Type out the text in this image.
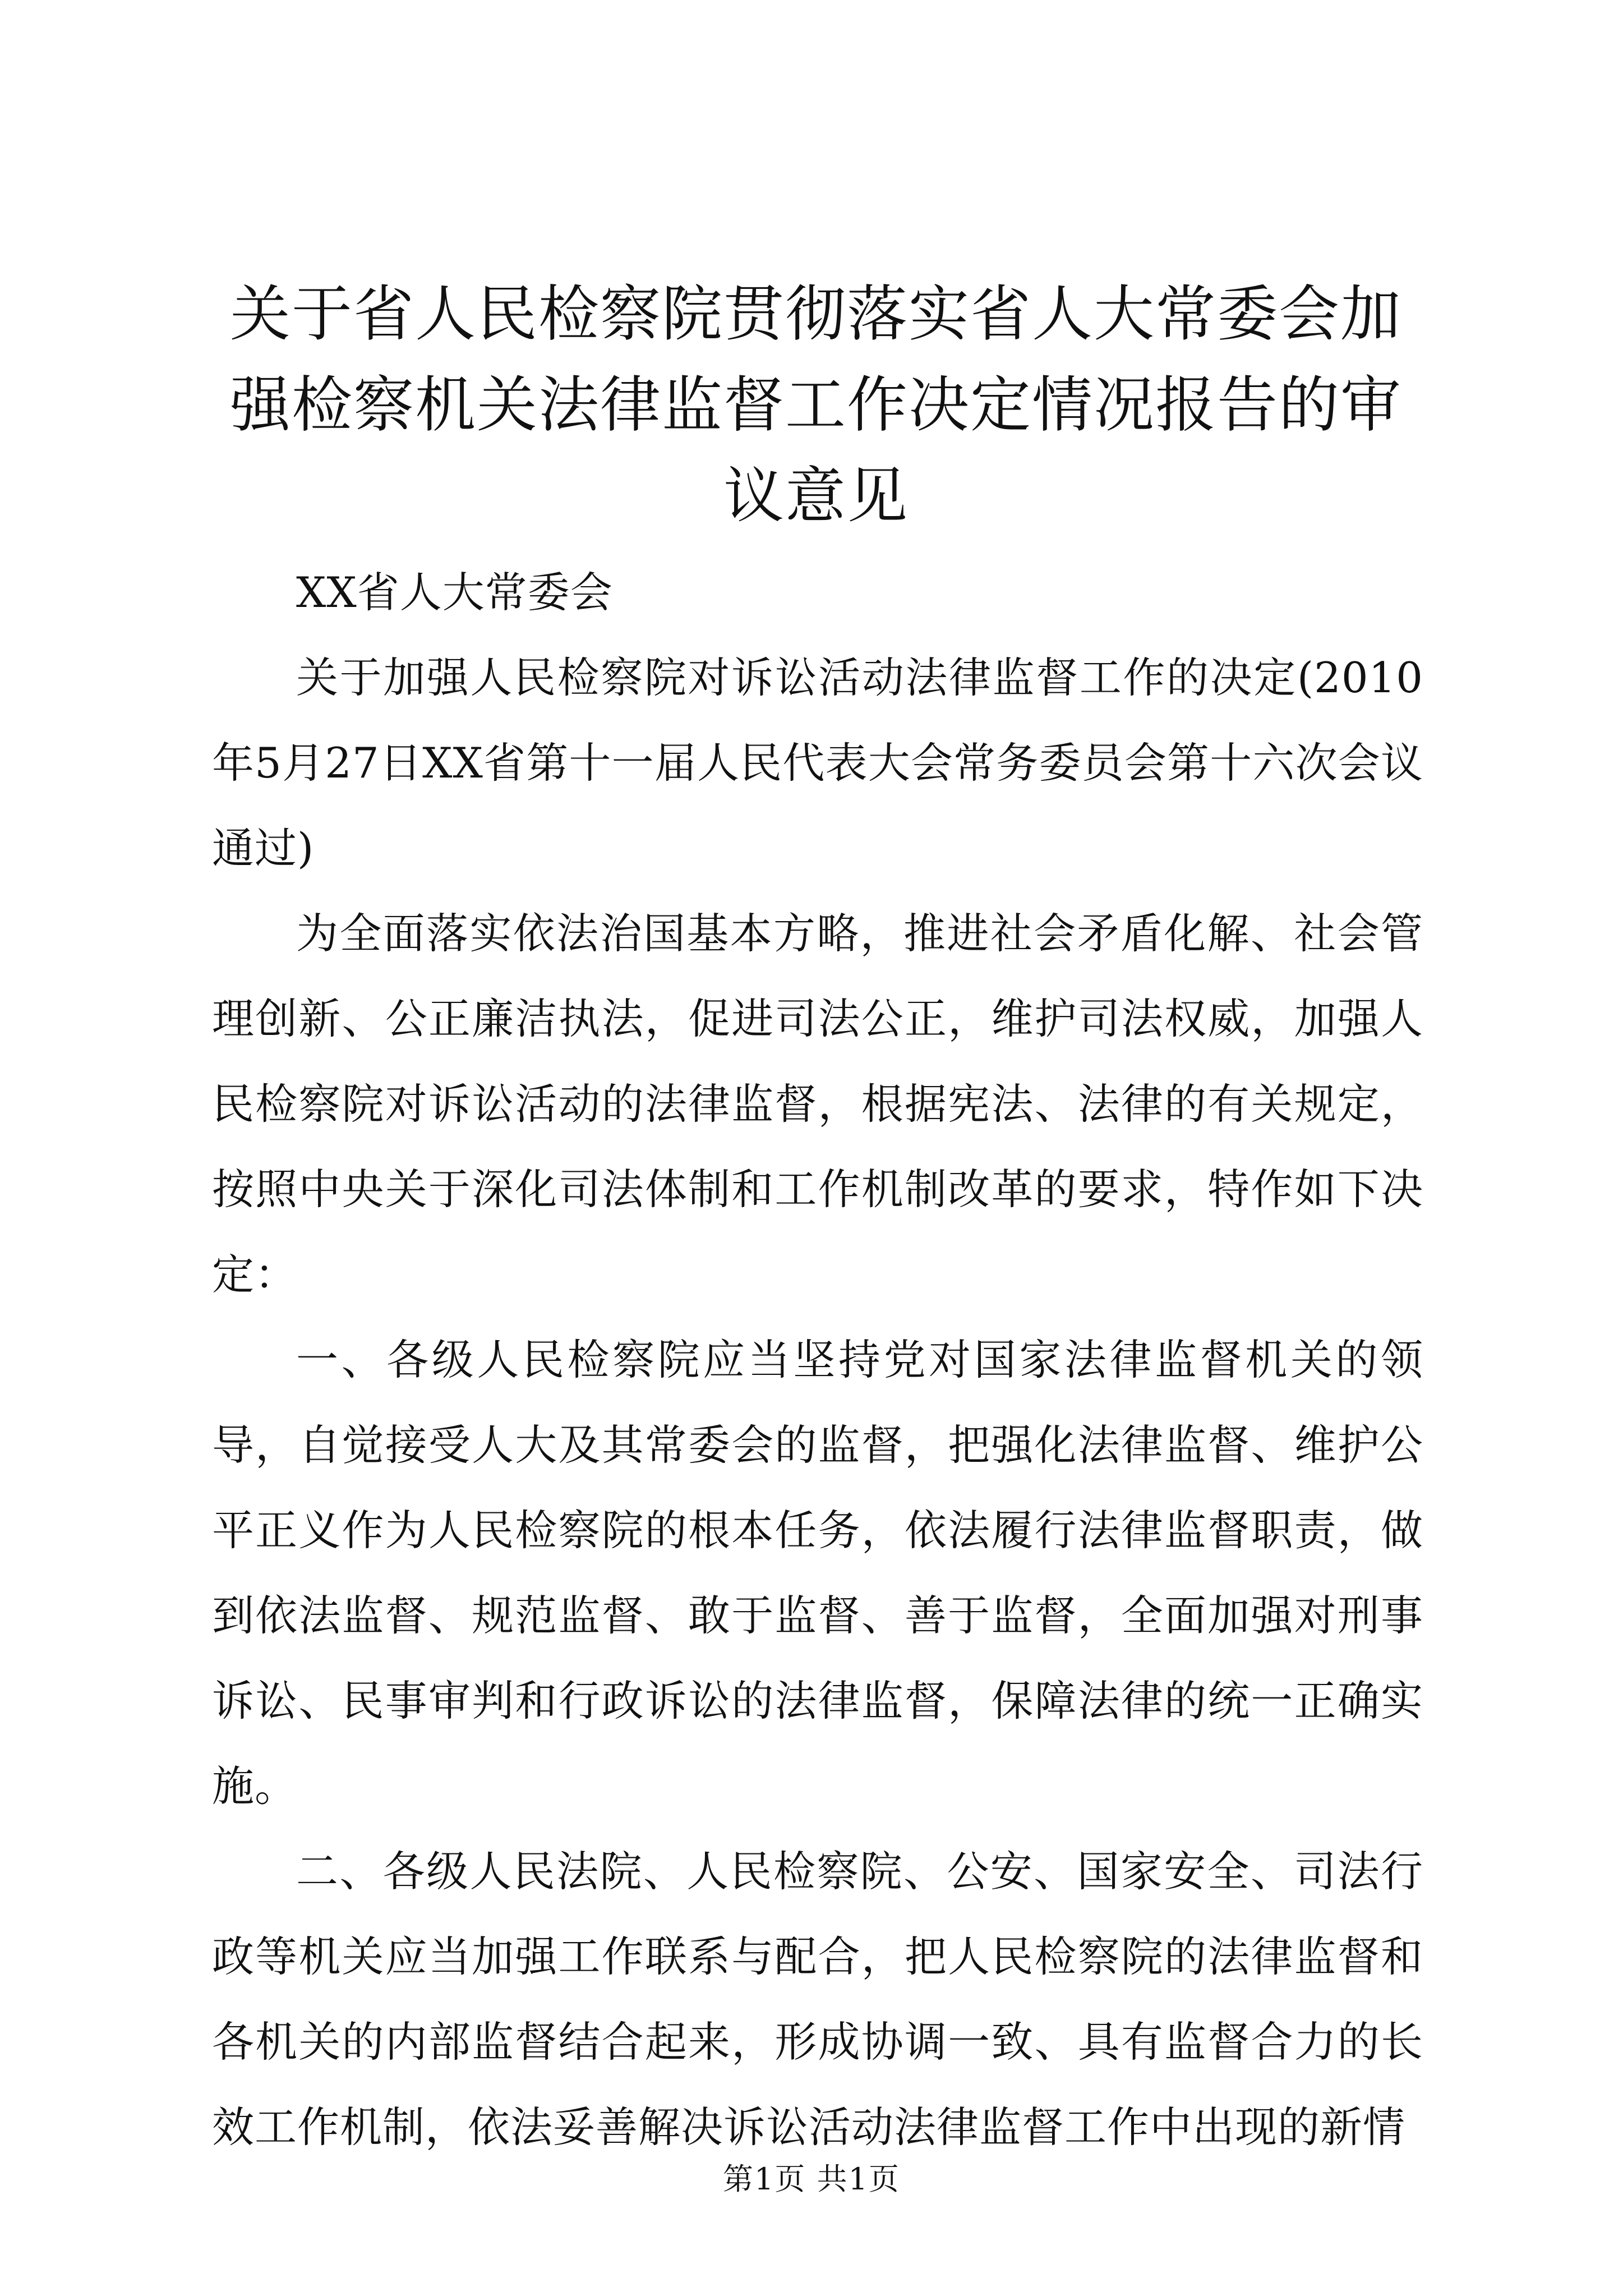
关于省人民检察院贯彻落实省人大常委会加强检察机关法律监督工作决定情况报告的审议意见

XX省人大常委会

关于加强人民检察院对诉讼活动法律监督工作的决定(2010年5月27日XX省第十一届人民代表大会常务委员会第十六次会议通过)

为全面落实依法治国基本方略，推进社会矛盾化解、社会管理创新、公正廉洁执法，促进司法公正，维护司法权威，加强人民检察院对诉讼活动的法律监督，根据宪法、法律的有关规定，按照中央关于深化司法体制和工作机制改革的要求，特作如下决定：

一、各级人民检察院应当坚持党对国家法律监督机关的领导，自觉接受人大及其常委会的监督，把强化法律监督、维护公平正义作为人民检察院的根本任务，依法履行法律监督职责，做到依法监督、规范监督、敢于监督、善于监督，全面加强对刑事诉讼、民事审判和行政诉讼的法律监督，保障法律的统一正确实施。

二、各级人民法院、人民检察院、公安、国家安全、司法行政等机关应当加强工作联系与配合，把人民检察院的法律监督和各机关的内部监督结合起来，形成协调一致、具有监督合力的长效工作机制，依法妥善解决诉讼活动法律监督工作中出现的新情

第1页 共1页
